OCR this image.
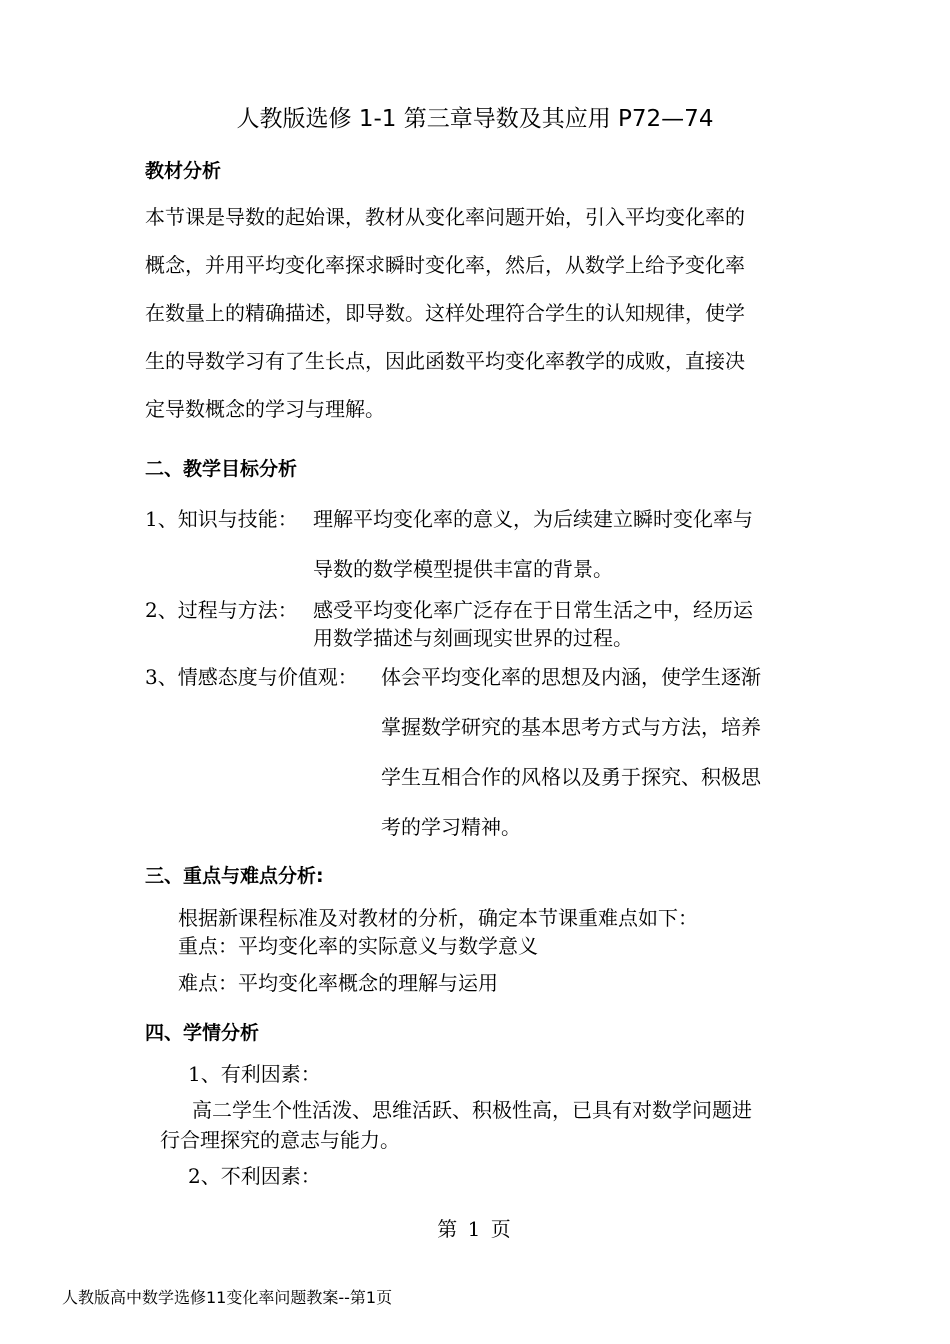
人教版选修 1-1 第三章导数及其应用 P72—74
教材分析
本节课是导数的起始课，教材从变化率问题开始，引入平均变化率的
概念，并用平均变化率探求瞬时变化率，然后，从数学上给予变化率
在数量上的精确描述，即导数。这样处理符合学生的认知规律，使学
生的导数学习有了生长点，因此函数平均变化率教学的成败，直接决
定导数概念的学习与理解。
二、教学目标分析
1、知识与技能： 理解平均变化率的意义，为后续建立瞬时变化率与
导数的数学模型提供丰富的背景。
2、过程与方法： 感受平均变化率广泛存在于日常生活之中，经历运
用数学描述与刻画现实世界的过程。
3、情感态度与价值观： 体会平均变化率的思想及内涵，使学生逐渐
掌握数学研究的基本思考方式与方法，培养
学生互相合作的风格以及勇于探究、积极思
考的学习精神。
三、重点与难点分析:
根据新课程标准及对教材的分析，确定本节课重难点如下：
重点：平均变化率的实际意义与数学意义
难点：平均变化率概念的理解与运用
四、学情分析
1、有利因素：
高二学生个性活泼、思维活跃、积极性高，已具有对数学问题进
行合理探究的意志与能力。
2、不利因素：
第 1 页
人教版高中数学选修11变化率问题教案--第1页
